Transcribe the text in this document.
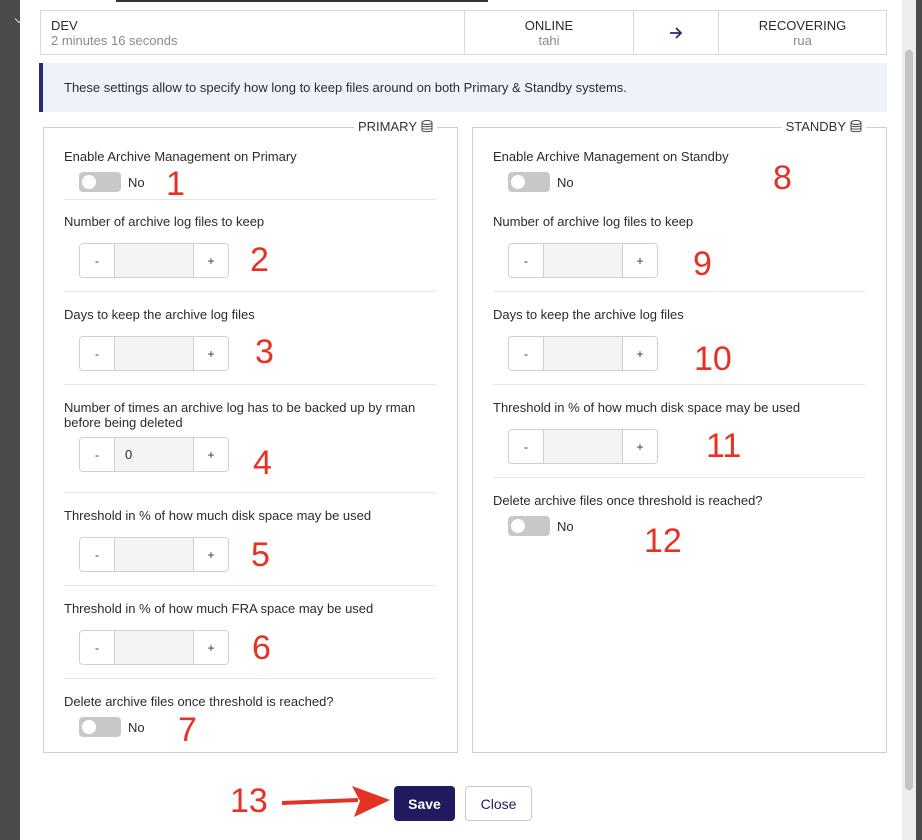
DEV
2 minutes 16 seconds
ONLINE
tahi
RECOVERING
rua
These settings allow to specify how long to keep files around on both Primary & Standby systems.
PRIMARY
Enable Archive Management on Primary
No
Number of archive log files to keep
-	+
Days to keep the archive log files
-	+
Number of times an archive log has to be backed up by rman before being deleted
-	0	+
Threshold in % of how much disk space may be used
-	+
Threshold in % of how much FRA space may be used
-	+
Delete archive files once threshold is reached?
No
STANDBY
Enable Archive Management on Standby
No
Number of archive log files to keep
-	+
Days to keep the archive log files
-	+
Threshold in % of how much disk space may be used
-	+
Delete archive files once threshold is reached?
No
1
2
3
4
5
6
7
8
9
10
11
12
13	Save	Close
